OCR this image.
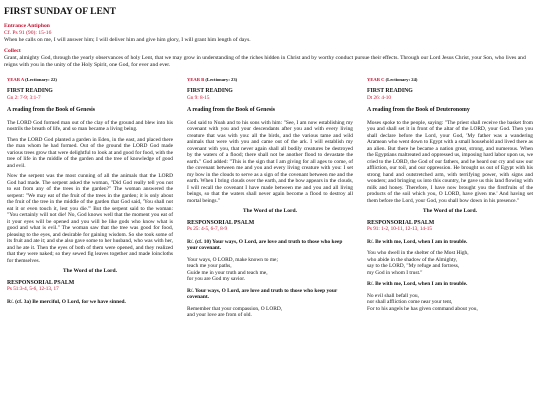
FIRST SUNDAY OF LENT
Entrance Antiphon
Cf. Ps 91 (90): 15-16
When he calls on me, I will answer him; I will deliver him and give him glory, I will grant him length of days.
Collect
Grant, almighty God, through the yearly observances of holy Lent, that we may grow in understanding of the riches hidden in Christ and by worthy conduct pursue their effects. Through our Lord Jesus Christ, your Son, who lives and reigns with you in the unity of the Holy Spirit, one God, for ever and ever.
YEAR A (Lectionary: 22)
FIRST READING
Gn 2: 7-9; 3:1-7
A reading from the Book of Genesis

The LORD God formed man out of the clay of the ground and blew into his nostrils the breath of life, and so man became a living being.

Then the LORD God planted a garden in Eden, in the east, and placed there the man whom he had formed. Out of the ground the LORD God made various trees grow that were delightful to look at and good for food, with the tree of life in the middle of the garden and the tree of knowledge of good and evil.

Now the serpent was the most cunning of all the animals that the LORD God had made. The serpent asked the woman, "Did God really tell you not to eat from any of the trees in the garden?" The woman answered the serpent: "We may eat of the fruit of the trees in the garden; it is only about the fruit of the tree in the middle of the garden that God said, 'You shall not eat it or even touch it, lest you die.'" But the serpent said to the woman: "You certainly will not die! No, God knows well that the moment you eat of it your eyes will be opened and you will be like gods who know what is good and what is evil." The woman saw that the tree was good for food, pleasing to the eyes, and desirable for gaining wisdom. So she took some of its fruit and ate it; and she also gave some to her husband, who was with her, and he ate it. Then the eyes of both of them were opened, and they realized that they were naked; so they sewed fig leaves together and made loincloths for themselves.

The Word of the Lord.
RESPONSORIAL PSALM
Ps 51:3-4, 5-6, 12-13, 17
R/. (cf. 3a) Be merciful, O Lord, for we have sinned.
YEAR B (Lectionary: 23)
FIRST READING
Gn 9: 8-15
A reading from the Book of Genesis

God said to Noah and to his sons with him: "See, I am now establishing my covenant with you and your descendants after you and with every living creature that was with you: all the birds, and the various tame and wild animals that were with you and came out of the ark. I will establish my covenant with you, that never again shall all bodily creatures be destroyed by the waters of a flood; there shall not be another flood to devastate the earth." God added: "This is the sign that I am giving for all ages to come, of the covenant between me and you and every living creature with you: I set my bow in the clouds to serve as a sign of the covenant between me and the earth. When I bring clouds over the earth, and the bow appears in the clouds, I will recall the covenant I have made between me and you and all living beings, so that the waters shall never again become a flood to destroy all mortal beings."

The Word of the Lord.
RESPONSORIAL PSALM
Ps 25: 4-5, 6-7, 8-9
R/. (cf. 10) Your ways, O Lord, are love and truth to those who keep your covenant.
Your ways, O LORD, make known to me;
teach me your paths,
Guide me in your truth and teach me,
for you are God my savior.
R/. Your ways, O Lord, are love and truth to those who keep your covenant.
Remember that your compassion, O LORD,
and your love are from of old.
YEAR C (Lectionary: 24)
FIRST READING
Dt 26: 4-10
A reading from the Book of Deuteronomy

Moses spoke to the people, saying: "The priest shall receive the basket from you and shall set it in front of the altar of the LORD, your God. Then you shall declare before the Lord, your God, 'My father was a wandering Aramean who went down to Egypt with a small household and lived there as an alien. But there he became a nation great, strong, and numerous. When the Egyptians maltreated and oppressed us, imposing hard labor upon us, we cried to the LORD, the God of our fathers, and he heard our cry and saw our affliction, our toil, and our oppression. He brought us out of Egypt with his strong hand and outstretched arm, with terrifying power, with signs and wonders; and bringing us into this country, he gave us this land flowing with milk and honey. Therefore, I have now brought you the firstfruits of the products of the soil which you, O LORD, have given me.' And having set them before the Lord, your God, you shall bow down in his presence."

The Word of the Lord.
RESPONSORIAL PSALM
Ps 91: 1-2, 10-11, 12-13, 14-15
R/. Be with me, Lord, when I am in trouble.
You who dwell in the shelter of the Most High,
who abide in the shadow of the Almighty,
say to the LORD, "My refuge and fortress,
my God in whom I trust."
R/. Be with me, Lord, when I am in trouble.
No evil shall befall you,
nor shall affliction come near your tent,
For to his angels he has given command about you,
